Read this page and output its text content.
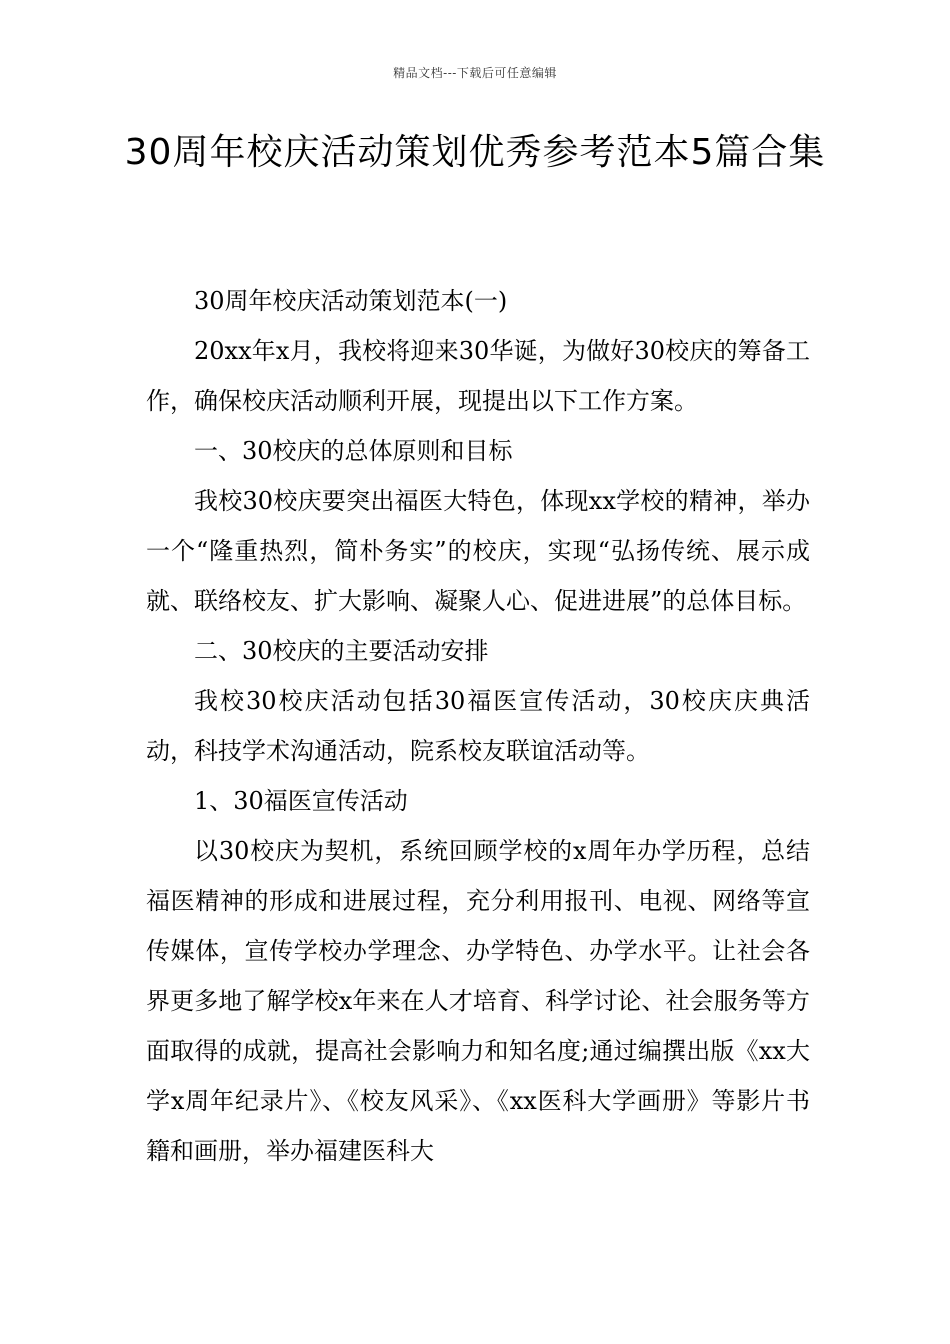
精品文档---下载后可任意编辑
30周年校庆活动策划优秀参考范本5篇合集

30周年校庆活动策划范本(一)

20xx年x月，我校将迎来30华诞，为做好30校庆的筹备工作，确保校庆活动顺利开展，现提出以下工作方案。

一、30校庆的总体原则和目标

我校30校庆要突出福医大特色，体现xx学校的精神，举办一个“隆重热烈，简朴务实”的校庆，实现“弘扬传统、展示成就、联络校友、扩大影响、凝聚人心、促进进展”的总体目标。

二、30校庆的主要活动安排

我校30校庆活动包括30福医宣传活动，30校庆庆典活动，科技学术沟通活动，院系校友联谊活动等。

1、30福医宣传活动

以30校庆为契机，系统回顾学校的x周年办学历程，总结福医精神的形成和进展过程，充分利用报刊、电视、网络等宣传媒体，宣传学校办学理念、办学特色、办学水平。让社会各界更多地了解学校x年来在人才培育、科学讨论、社会服务等方面取得的成就，提高社会影响力和知名度;通过编撰出版《xx大学x周年纪录片》、《校友风采》、《xx医科大学画册》等影片书籍和画册，举办福建医科大
